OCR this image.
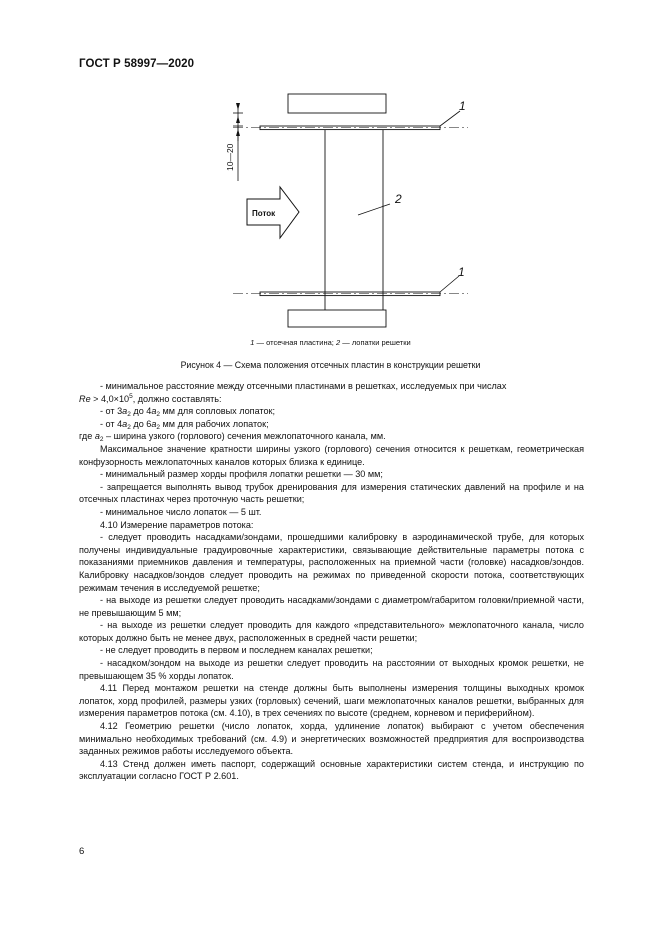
ГОСТ Р 58997—2020
10—20
Поток
1
2
1
1 — отсечная пластина; 2 — лопатки решетки
Рисунок 4 — Схема положения отсечных пластин в конструкции решетки

- минимальное расстояние между отсечными пластинами в решетках, исследуемых при числах
$Re > 4,0\times 10^5$, должно составлять:

- от $3a_2$ до $4a_2$ мм для сопловых лопаток;

- от $4a_2$ до $6a_2$ мм для рабочих лопаток;

где $a_2$ – ширина узкого (горлового) сечения межлопаточного канала, мм.

Максимальное значение кратности ширины узкого (горлового) сечения относится к решеткам, геометрическая конфузорность межлопаточных каналов которых близка к единице.

- минимальный размер хорды профиля лопатки решетки — 30 мм;

- запрещается выполнять вывод трубок дренирования для измерения статических давлений на профиле и на отсечных пластинах через проточную часть решетки;

- минимальное число лопаток — 5 шт.

4.10 Измерение параметров потока:

- следует проводить насадками/зондами, прошедшими калибровку в аэродинамической трубе, для которых получены индивидуальные градуировочные характеристики, связывающие действительные параметры потока с показаниями приемников давления и температуры, расположенных на приемной части (головке) насадков/зондов. Калибровку насадков/зондов следует проводить на режимах по приведенной скорости потока, соответствующих режимам течения в исследуемой решетке;

- на выходе из решетки следует проводить насадками/зондами с диаметром/габаритом головки/приемной части, не превышающим 5 мм;

- на выходе из решетки следует проводить для каждого «представительного» межлопаточного канала, число которых должно быть не менее двух, расположенных в средней части решетки;

- не следует проводить в первом и последнем каналах решетки;

- насадком/зондом на выходе из решетки следует проводить на расстоянии от выходных кромок решетки, не превышающем 35 % хорды лопаток.

4.11 Перед монтажом решетки на стенде должны быть выполнены измерения толщины выходных кромок лопаток, хорд профилей, размеры узких (горловых) сечений, шаги межлопаточных каналов решетки, выбранных для измерения параметров потока (см. 4.10), в трех сечениях по высоте (среднем, корневом и периферийном).

4.12 Геометрию решетки (число лопаток, хорда, удлинение лопаток) выбирают с учетом обеспечения минимально необходимых требований (см. 4.9) и энергетических возможностей предприятия для воспроизводства заданных режимов работы исследуемого объекта.

4.13 Стенд должен иметь паспорт, содержащий основные характеристики систем стенда, и инструкцию по эксплуатации согласно ГОСТ Р 2.601.

6
